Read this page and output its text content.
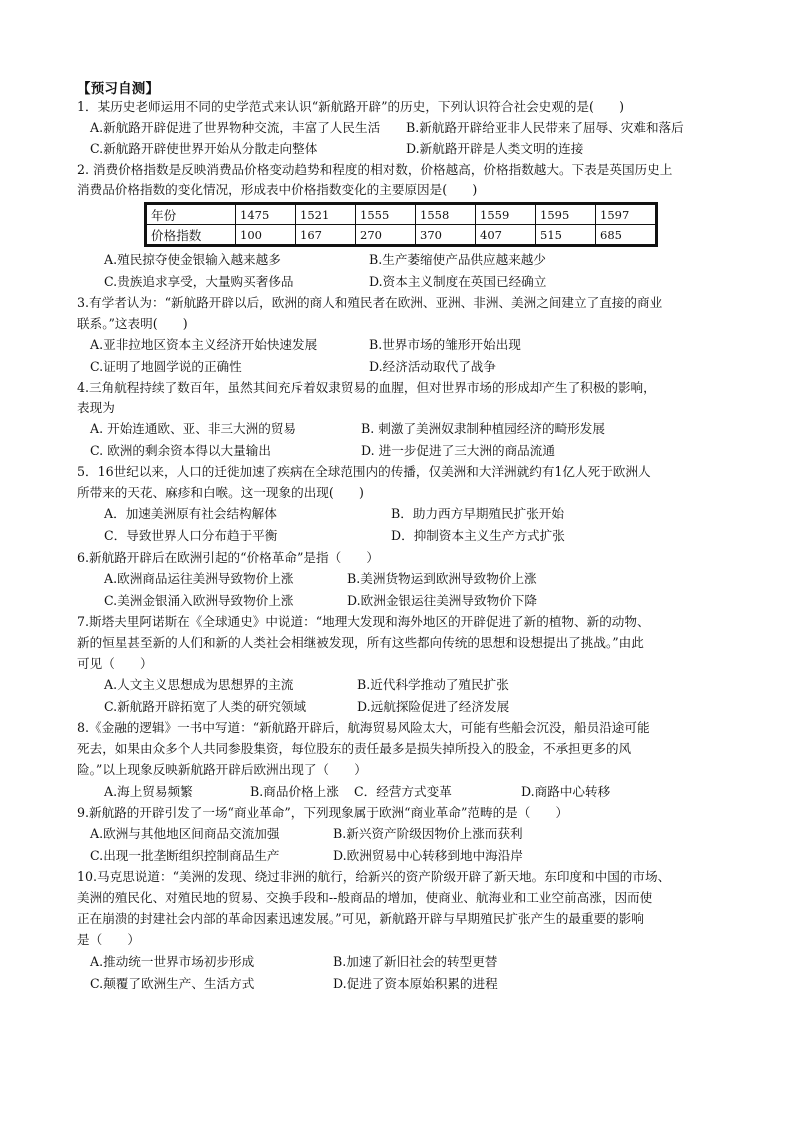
【预习自测】
1．某历史老师运用不同的史学范式来认识“新航路开辟”的历史，下列认识符合社会史观的是(　　)
A.新航路开辟促进了世界物种交流，丰富了人民生活 B.新航路开辟给亚非人民带来了屈辱、灾难和落后
C.新航路开辟使世界开始从分散走向整体	D.新航路开辟是人类文明的连接
2. 消费价格指数是反映消费品价格变动趋势和程度的相对数，价格越高，价格指数越大。下表是英国历史上
消费品价格指数的变化情况，形成表中价格指数变化的主要原因是(　　)
年份	1475	1521	1555	1558	1559	1595	1597
价格指数	100	167	270	370	407	515	685
A.殖民掠夺使金银输入越来越多	B.生产萎缩使产品供应越来越少
C.贵族追求享受，大量购买奢侈品	D.资本主义制度在英国已经确立
3.有学者认为：“新航路开辟以后，欧洲的商人和殖民者在欧洲、亚洲、非洲、美洲之间建立了直接的商业
联系。”这表明(　　)
A.亚非拉地区资本主义经济开始快速发展	B.世界市场的雏形开始出现
C.证明了地圆学说的正确性	D.经济活动取代了战争
4.三角航程持续了数百年，虽然其间充斥着奴隶贸易的血腥，但对世界市场的形成却产生了积极的影响，
表现为
A. 开始连通欧、亚、非三大洲的贸易	B. 刺激了美洲奴隶制种植园经济的畸形发展
C. 欧洲的剩余资本得以大量输出	D. 进一步促进了三大洲的商品流通
5．16世纪以来，人口的迁徙加速了疾病在全球范围内的传播，仅美洲和大洋洲就约有1亿人死于欧洲人
所带来的天花、麻疹和白喉。这一现象的出现(　　)
A．加速美洲原有社会结构解体	B．助力西方早期殖民扩张开始
C．导致世界人口分布趋于平衡	D．抑制资本主义生产方式扩张
6.新航路开辟后在欧洲引起的“价格革命”是指（　　）
A.欧洲商品运往美洲导致物价上涨	B.美洲货物运到欧洲导致物价上涨
C.美洲金银涌入欧洲导致物价上涨	D.欧洲金银运往美洲导致物价下降
7.斯塔夫里阿诺斯在《全球通史》中说道：“地理大发现和海外地区的开辟促进了新的植物、新的动物、
新的恒星甚至新的人们和新的人类社会相继被发现，所有这些都向传统的思想和设想提出了挑战。”由此
可见（　　）
A.人文主义思想成为思想界的主流	B.近代科学推动了殖民扩张
C.新航路开辟拓宽了人类的研究领域	D.远航探险促进了经济发展
8.《金融的逻辑》一书中写道：“新航路开辟后，航海贸易风险太大，可能有些船会沉没，船员沿途可能
死去，如果由众多个人共同参股集资，每位股东的责任最多是损失掉所投入的股金，不承担更多的风
险。”以上现象反映新航路开辟后欧洲出现了（　　）
A.海上贸易频繁	B.商品价格上涨 C．经营方式变革	D.商路中心转移
9.新航路的开辟引发了一场“商业革命”，下列现象属于欧洲“商业革命”范畴的是（　　）
A.欧洲与其他地区间商品交流加强	B.新兴资产阶级因物价上涨而获利
C.出现一批垄断组织控制商品生产	D.欧洲贸易中心转移到地中海沿岸
10.马克思说道：“美洲的发现、绕过非洲的航行，给新兴的资产阶级开辟了新天地。东印度和中国的市场、
美洲的殖民化、对殖民地的贸易、交换手段和--般商品的增加，使商业、航海业和工业空前高涨，因而使
正在崩溃的封建社会内部的革命因素迅速发展。”可见，新航路开辟与早期殖民扩张产生的最重要的影响
是（　　）
A.推动统一世界市场初步形成	B.加速了新旧社会的转型更替
C.颠覆了欧洲生产、生活方式	D.促进了资本原始积累的进程
